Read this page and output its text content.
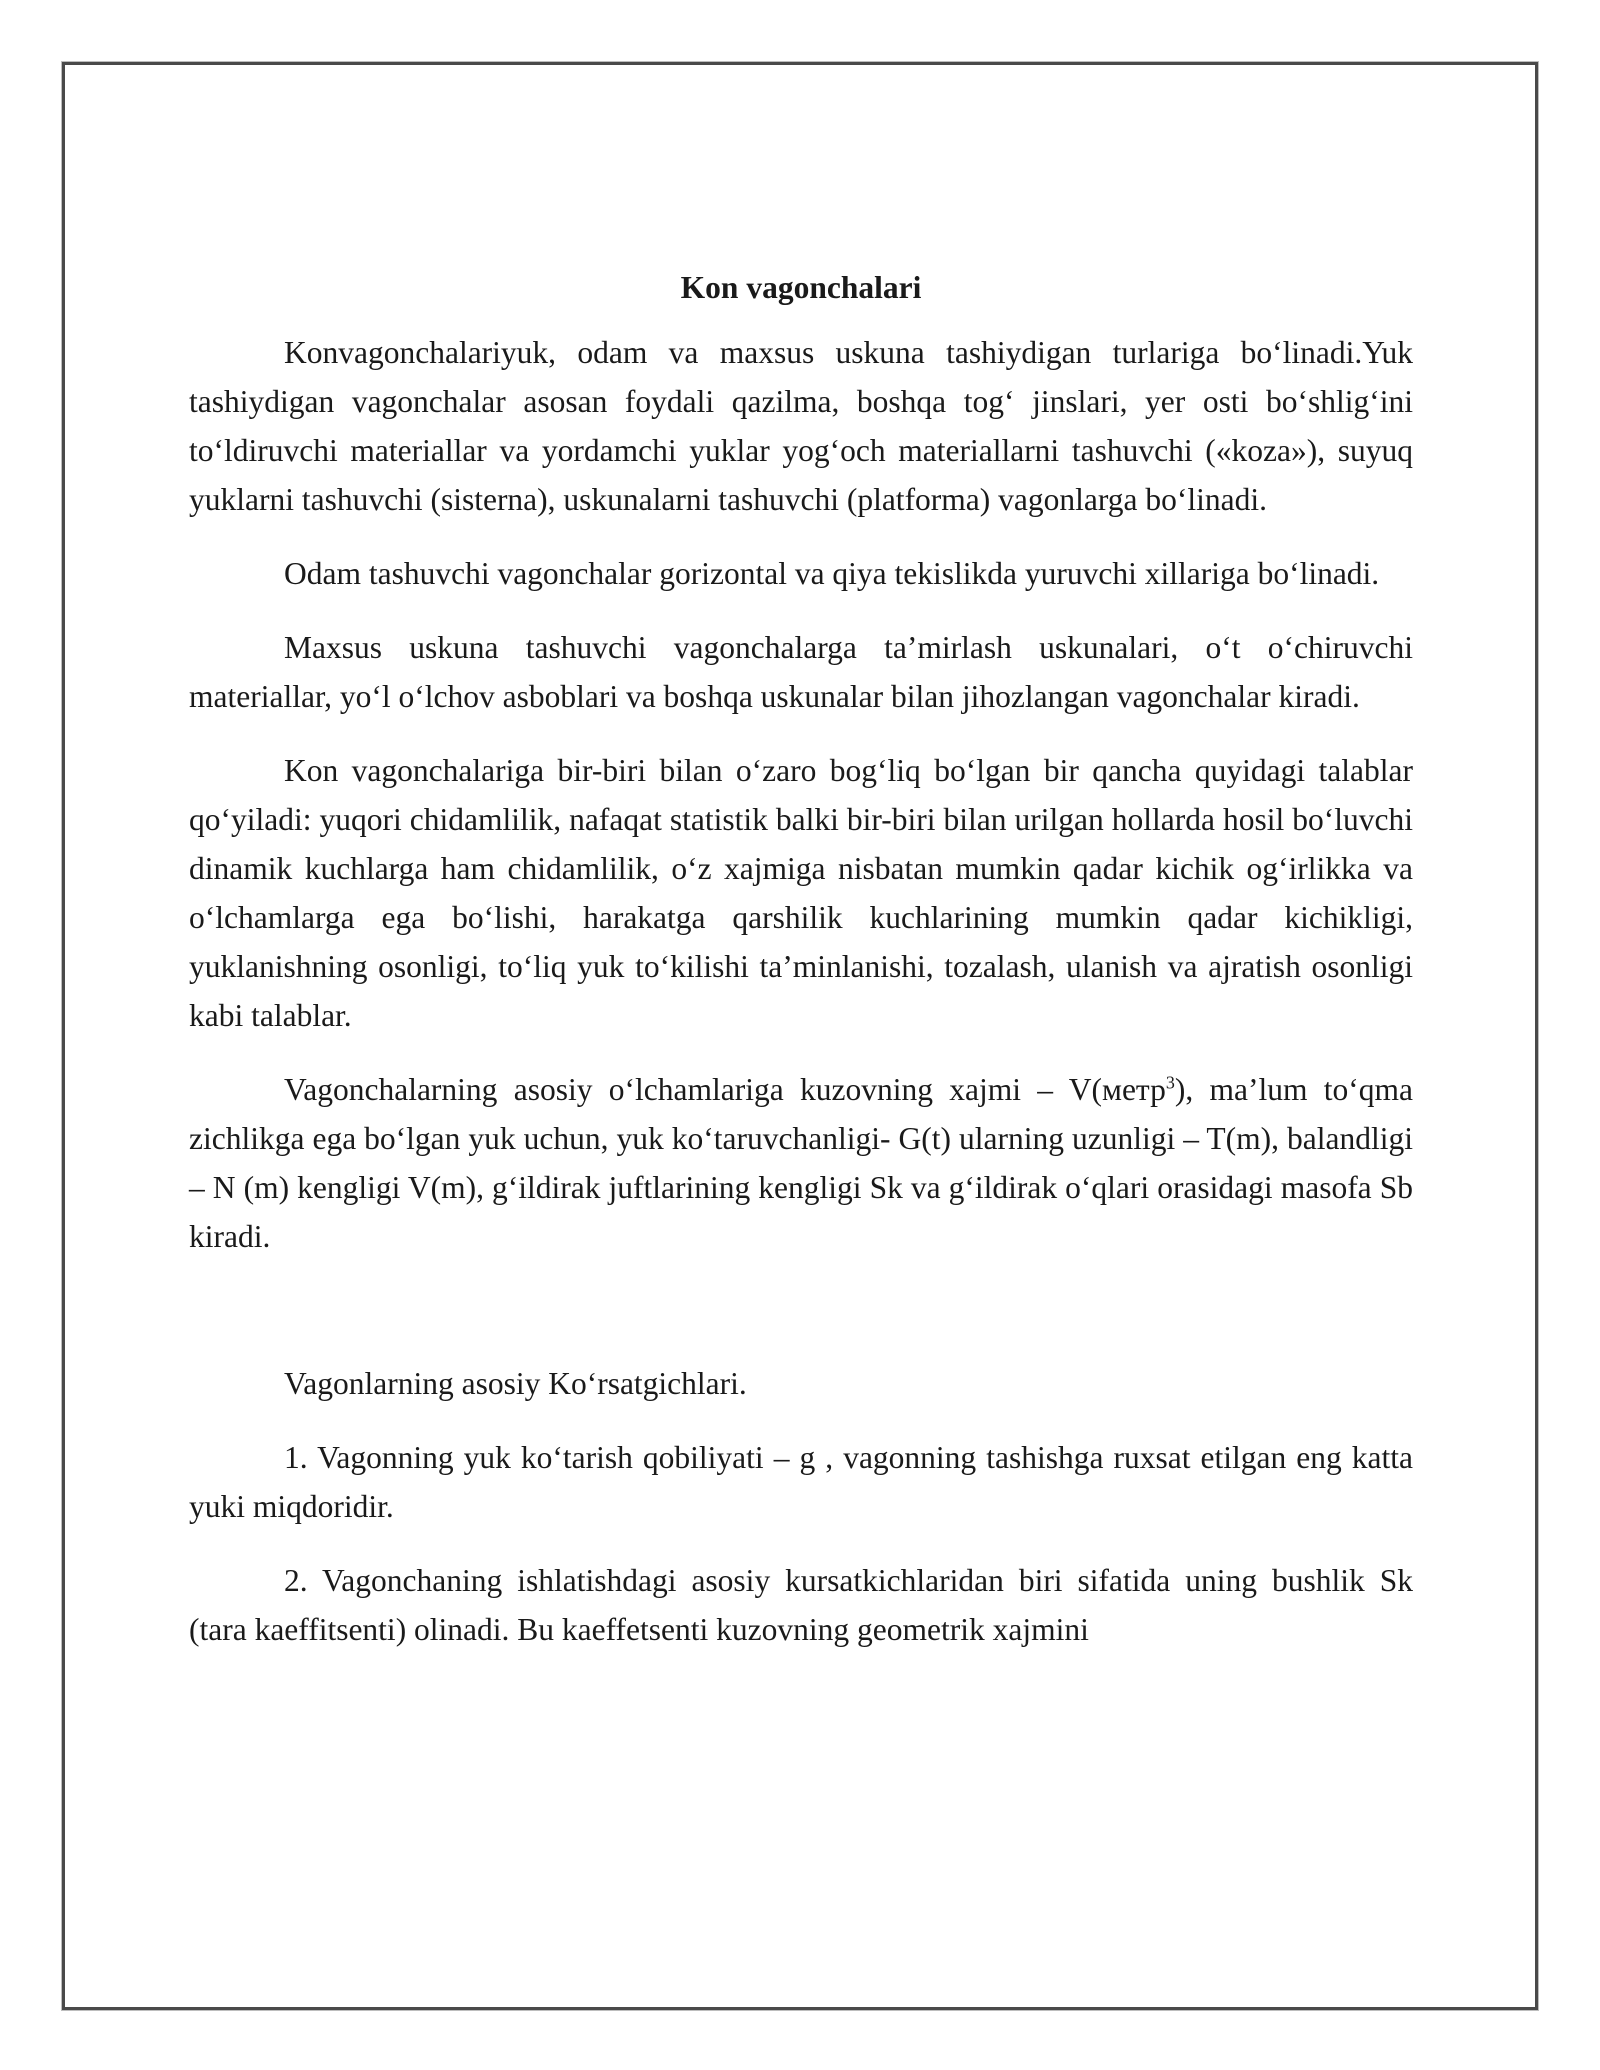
Kon vagonchalari

Konvagonchalariyuk, odam va maxsus uskuna tashiydigan turlariga boʻlinadi.Yuk tashiydigan vagonchalar asosan foydali qazilma, boshqa togʻ jinslari, yer osti boʻshligʻini toʻldiruvchi materiallar va yordamchi yuklar yogʻoch materiallarni tashuvchi («koza»), suyuq yuklarni tashuvchi (sisterna), uskunalarni tashuvchi (platforma) vagonlarga boʻlinadi.

Odam tashuvchi vagonchalar gorizontal va qiya tekislikda yuruvchi xillariga boʻlinadi.

Maxsus uskuna tashuvchi vagonchalarga ta’mirlash uskunalari, oʻt oʻchiruvchi materiallar, yoʻl oʻlchov asboblari va boshqa uskunalar bilan jihozlangan vagonchalar kiradi.

Kon vagonchalariga bir-biri bilan oʻzaro bogʻliq boʻlgan bir qancha quyidagi talablar qoʻyiladi: yuqori chidamlilik, nafaqat statistik balki bir-biri bilan urilgan hollarda hosil boʻluvchi dinamik kuchlarga ham chidamlilik, oʻz xajmiga nisbatan mumkin qadar kichik ogʻirlikka va oʻlchamlarga ega boʻlishi, harakatga qarshilik kuchlarining mumkin qadar kichikligi, yuklanishning osonligi, toʻliq yuk toʻkilishi ta’minlanishi, tozalash, ulanish va ajratish osonligi kabi talablar.

Vagonchalarning asosiy oʻlchamlariga kuzovning xajmi – V(метр$^3$), ma’lum toʻqma zichlikga ega boʻlgan yuk uchun, yuk koʻtaruvchanligi- G(t) ularning uzunligi – T(m), balandligi – N (m) kengligi V(m), gʻildirak juftlarining kengligi Sk va gʻildirak oʻqlari orasidagi masofa Sb kiradi.

Vagonlarning asosiy Koʻrsatgichlari.

1. Vagonning yuk koʻtarish qobiliyati – g , vagonning tashishga ruxsat etilgan eng katta yuki miqdoridir.

2. Vagonchaning ishlatishdagi asosiy kursatkichlaridan biri sifatida uning bushlik Sk (tara kaeffitsenti) olinadi. Bu kaeffetsenti kuzovning geometrik xajmini
